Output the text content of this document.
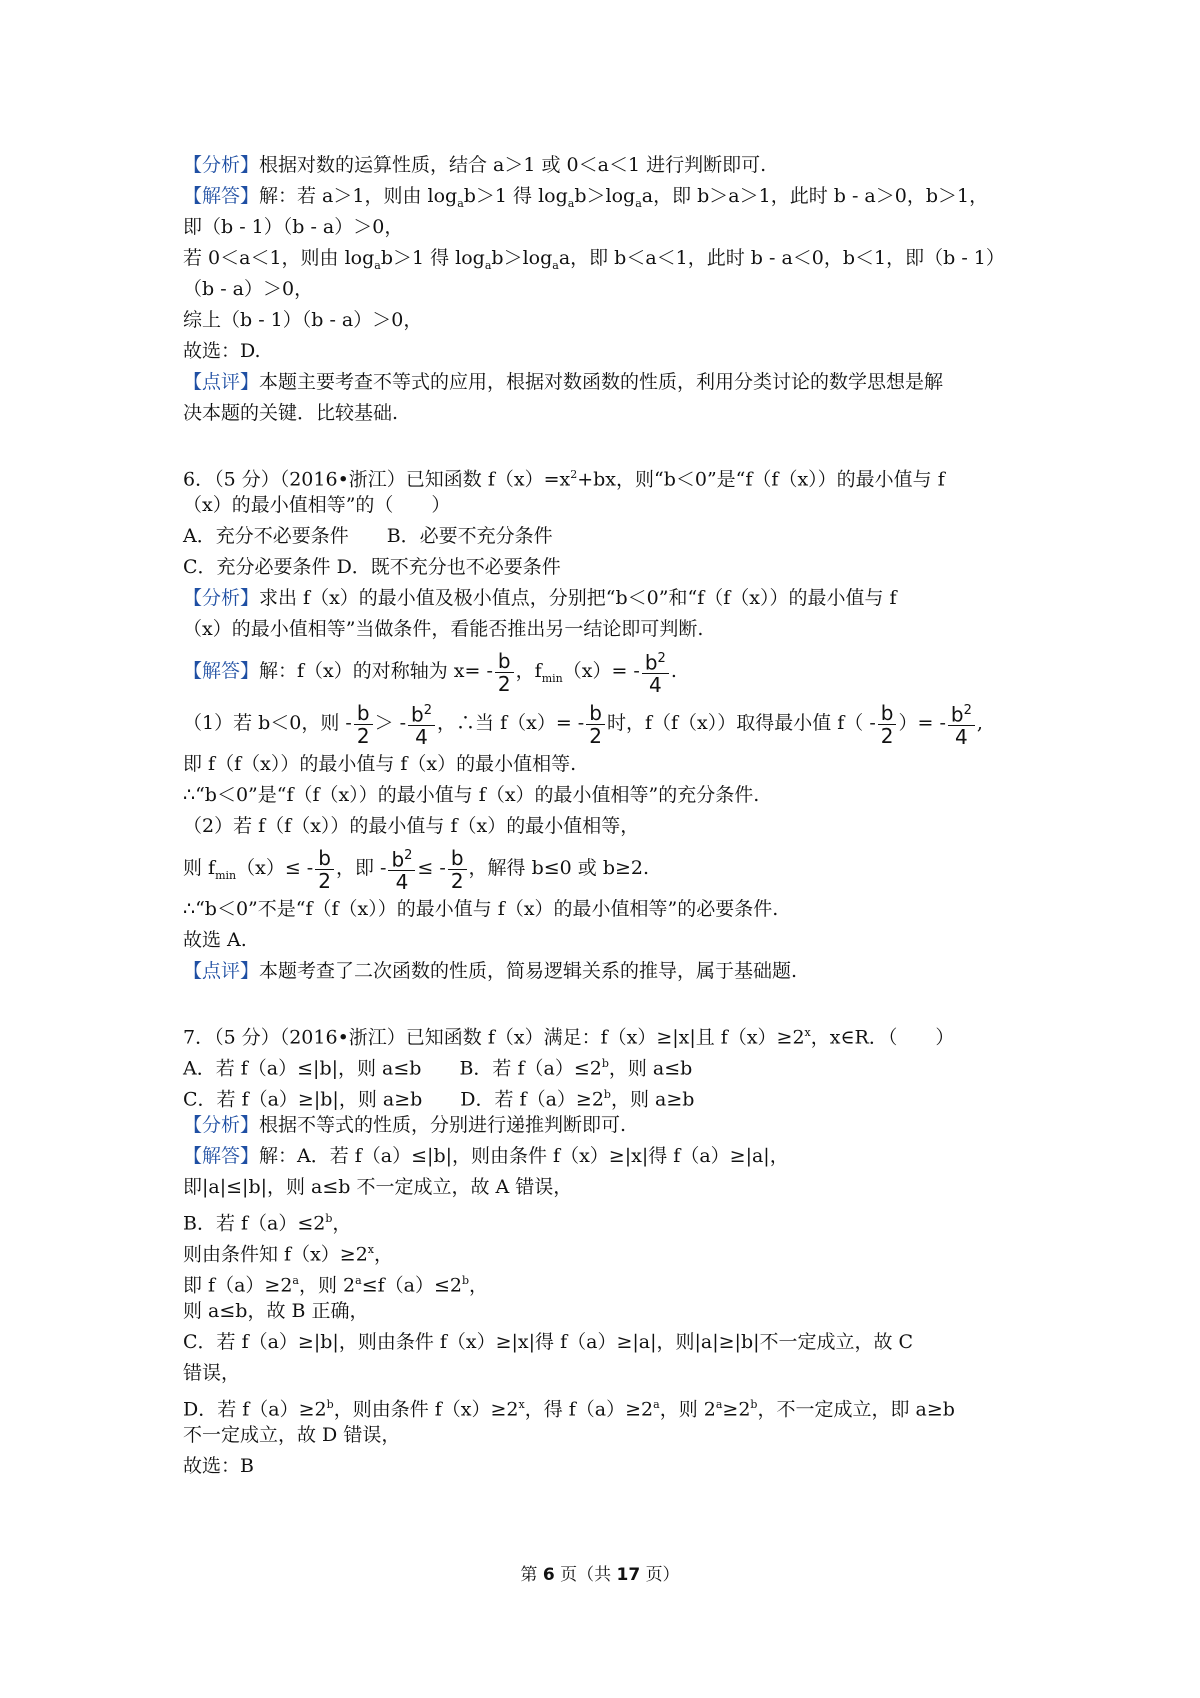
【分析】根据对数的运算性质，结合 a＞1 或 0＜a＜1 进行判断即可.
【解答】解：若 a＞1，则由 $\log_ab>1$ 得 $\log_ab>\log_aa$，即 b＞a＞1，此时 b - a＞0，b＞1，
即（b - 1）（b - a）＞0，
若 0＜a＜1，则由 $\log_ab>1$ 得 $\log_ab>\log_aa$，即 b＜a＜1，此时 b - a＜0，b＜1，即（b - 1）
（b - a）＞0，
综上（b - 1）（b - a）＞0，
故选：D.
【点评】本题主要考查不等式的应用，根据对数函数的性质，利用分类讨论的数学思想是解
决本题的关键．比较基础.
6．（5 分）（2016•浙江）已知函数 $f(x)=x^2+bx$，则“b＜0”是“f（f（x））的最小值与 f
（x）的最小值相等”的（　　）
A．充分不必要条件　　B．必要不充分条件
C．充分必要条件 D．既不充分也不必要条件
【分析】求出 f（x）的最小值及极小值点，分别把“b＜0”和“f（f（x））的最小值与 f
（x）的最小值相等”当做条件，看能否推出另一结论即可判断.
【解答】解：f（x）的对称轴为 $x= - \frac{b}{2}$ ，$f_{min}(x)= - \frac{b^2}{4}$ .
（1）若 b＜0，则 - $\frac{b}{2}$ ＞ - $\frac{b^2}{4}$ ，∴当 $f(x)= - \frac{b}{2}$ 时，f（f（x））取得最小值 $f( - \frac{b}{2}$ ）= - $\frac{b^2}{4}$ ,
即 f（f（x））的最小值与 f（x）的最小值相等.
∴“b＜0”是“f（f（x））的最小值与 f（x）的最小值相等”的充分条件.
（2）若 f（f（x））的最小值与 f（x）的最小值相等，
则 $f_{min}(x)\le - \frac{b}{2}$ ，即 - $\frac{b^2}{4}$ ≤ - $\frac{b}{2}$ ，解得 b≤0 或 b≥2.
∴“b＜0”不是“f（f（x））的最小值与 f（x）的最小值相等”的必要条件.
故选 A.
【点评】本题考查了二次函数的性质，简易逻辑关系的推导，属于基础题.
7．（5 分）（2016•浙江）已知函数 f（x）满足：f（x）≥|x|且 $f(x)\ge 2^x$，x∈R．（　　）
A．若 f（a）≤|b|，则 a≤b　　B．若 $f(a)\le 2^b$，则 a≤b
C．若 f（a）≥|b|，则 a≥b　　D．若 $f(a)\ge 2^b$，则 a≥b
【分析】根据不等式的性质，分别进行递推判断即可.
【解答】解：A．若 f（a）≤|b|，则由条件 f（x）≥|x|得 f（a）≥|a|，
即|a|≤|b|，则 a≤b 不一定成立，故 A 错误，
B．若 $f(a)\le 2^b$，
则由条件知 $f(x)\ge 2^x$，
即 $f(a)\ge 2^a$，则 $2^a\le f(a)\le 2^b$，
则 a≤b，故 B 正确，
C．若 f（a）≥|b|，则由条件 f（x）≥|x|得 f（a）≥|a|，则|a|≥|b|不一定成立，故 C
错误，
D．若 $f(a)\ge 2^b$，则由条件 $f(x)\ge 2^x$，得 $f(a)\ge 2^a$，则 $2^a\ge 2^b$，不一定成立，即 a≥b
不一定成立，故 D 错误，
故选：B
第 6 页（共 17 页）
